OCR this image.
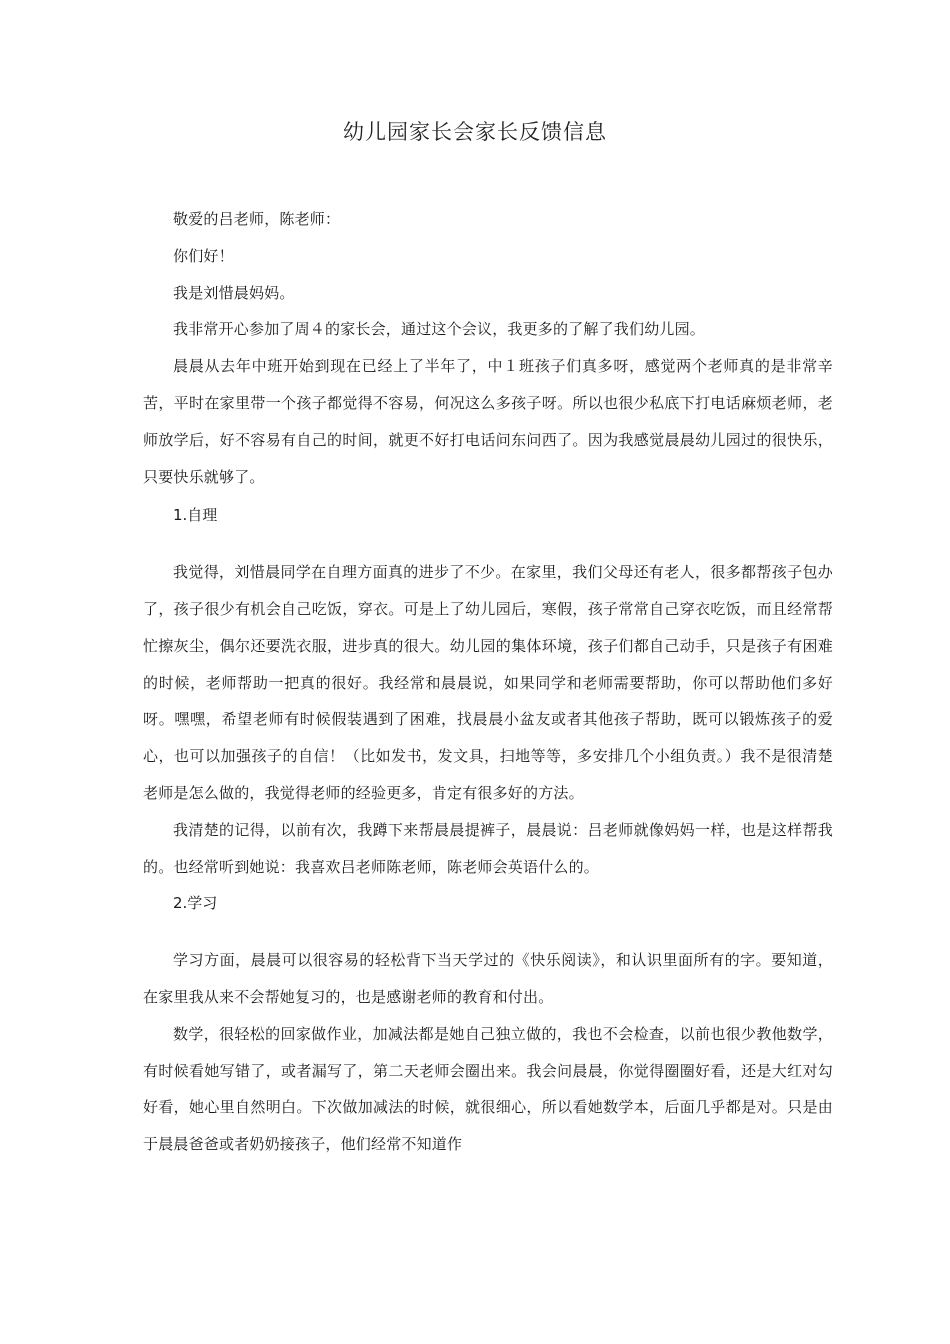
幼儿园家长会家长反馈信息

敬爱的吕老师，陈老师：

你们好！

我是刘惜晨妈妈。

我非常开心参加了周４的家长会，通过这个会议，我更多的了解了我们幼儿园。

晨晨从去年中班开始到现在已经上了半年了，中１班孩子们真多呀，感觉两个老师真的是非常辛苦，平时在家里带一个孩子都觉得不容易，何况这么多孩子呀。所以也很少私底下打电话麻烦老师，老师放学后，好不容易有自己的时间，就更不好打电话问东问西了。因为我感觉晨晨幼儿园过的很快乐，只要快乐就够了。

1.自理

我觉得，刘惜晨同学在自理方面真的进步了不少。在家里，我们父母还有老人，很多都帮孩子包办了，孩子很少有机会自己吃饭，穿衣。可是上了幼儿园后，寒假，孩子常常自己穿衣吃饭，而且经常帮忙擦灰尘，偶尔还要洗衣服，进步真的很大。幼儿园的集体环境，孩子们都自己动手，只是孩子有困难的时候，老师帮助一把真的很好。我经常和晨晨说，如果同学和老师需要帮助，你可以帮助他们多好呀。嘿嘿，希望老师有时候假装遇到了困难，找晨晨小盆友或者其他孩子帮助，既可以锻炼孩子的爱心，也可以加强孩子的自信！（比如发书，发文具，扫地等等，多安排几个小组负责。）我不是很清楚老师是怎么做的，我觉得老师的经验更多，肯定有很多好的方法。

我清楚的记得，以前有次，我蹲下来帮晨晨提裤子，晨晨说：吕老师就像妈妈一样，也是这样帮我的。也经常听到她说：我喜欢吕老师陈老师，陈老师会英语什么的。

2.学习

学习方面，晨晨可以很容易的轻松背下当天学过的《快乐阅读》，和认识里面所有的字。要知道，在家里我从来不会帮她复习的，也是感谢老师的教育和付出。

数学，很轻松的回家做作业，加减法都是她自己独立做的，我也不会检查，以前也很少教他数学，有时候看她写错了，或者漏写了，第二天老师会圈出来。我会问晨晨，你觉得圈圈好看，还是大红对勾好看，她心里自然明白。下次做加减法的时候，就很细心，所以看她数学本，后面几乎都是对。只是由于晨晨爸爸或者奶奶接孩子，他们经常不知道作
